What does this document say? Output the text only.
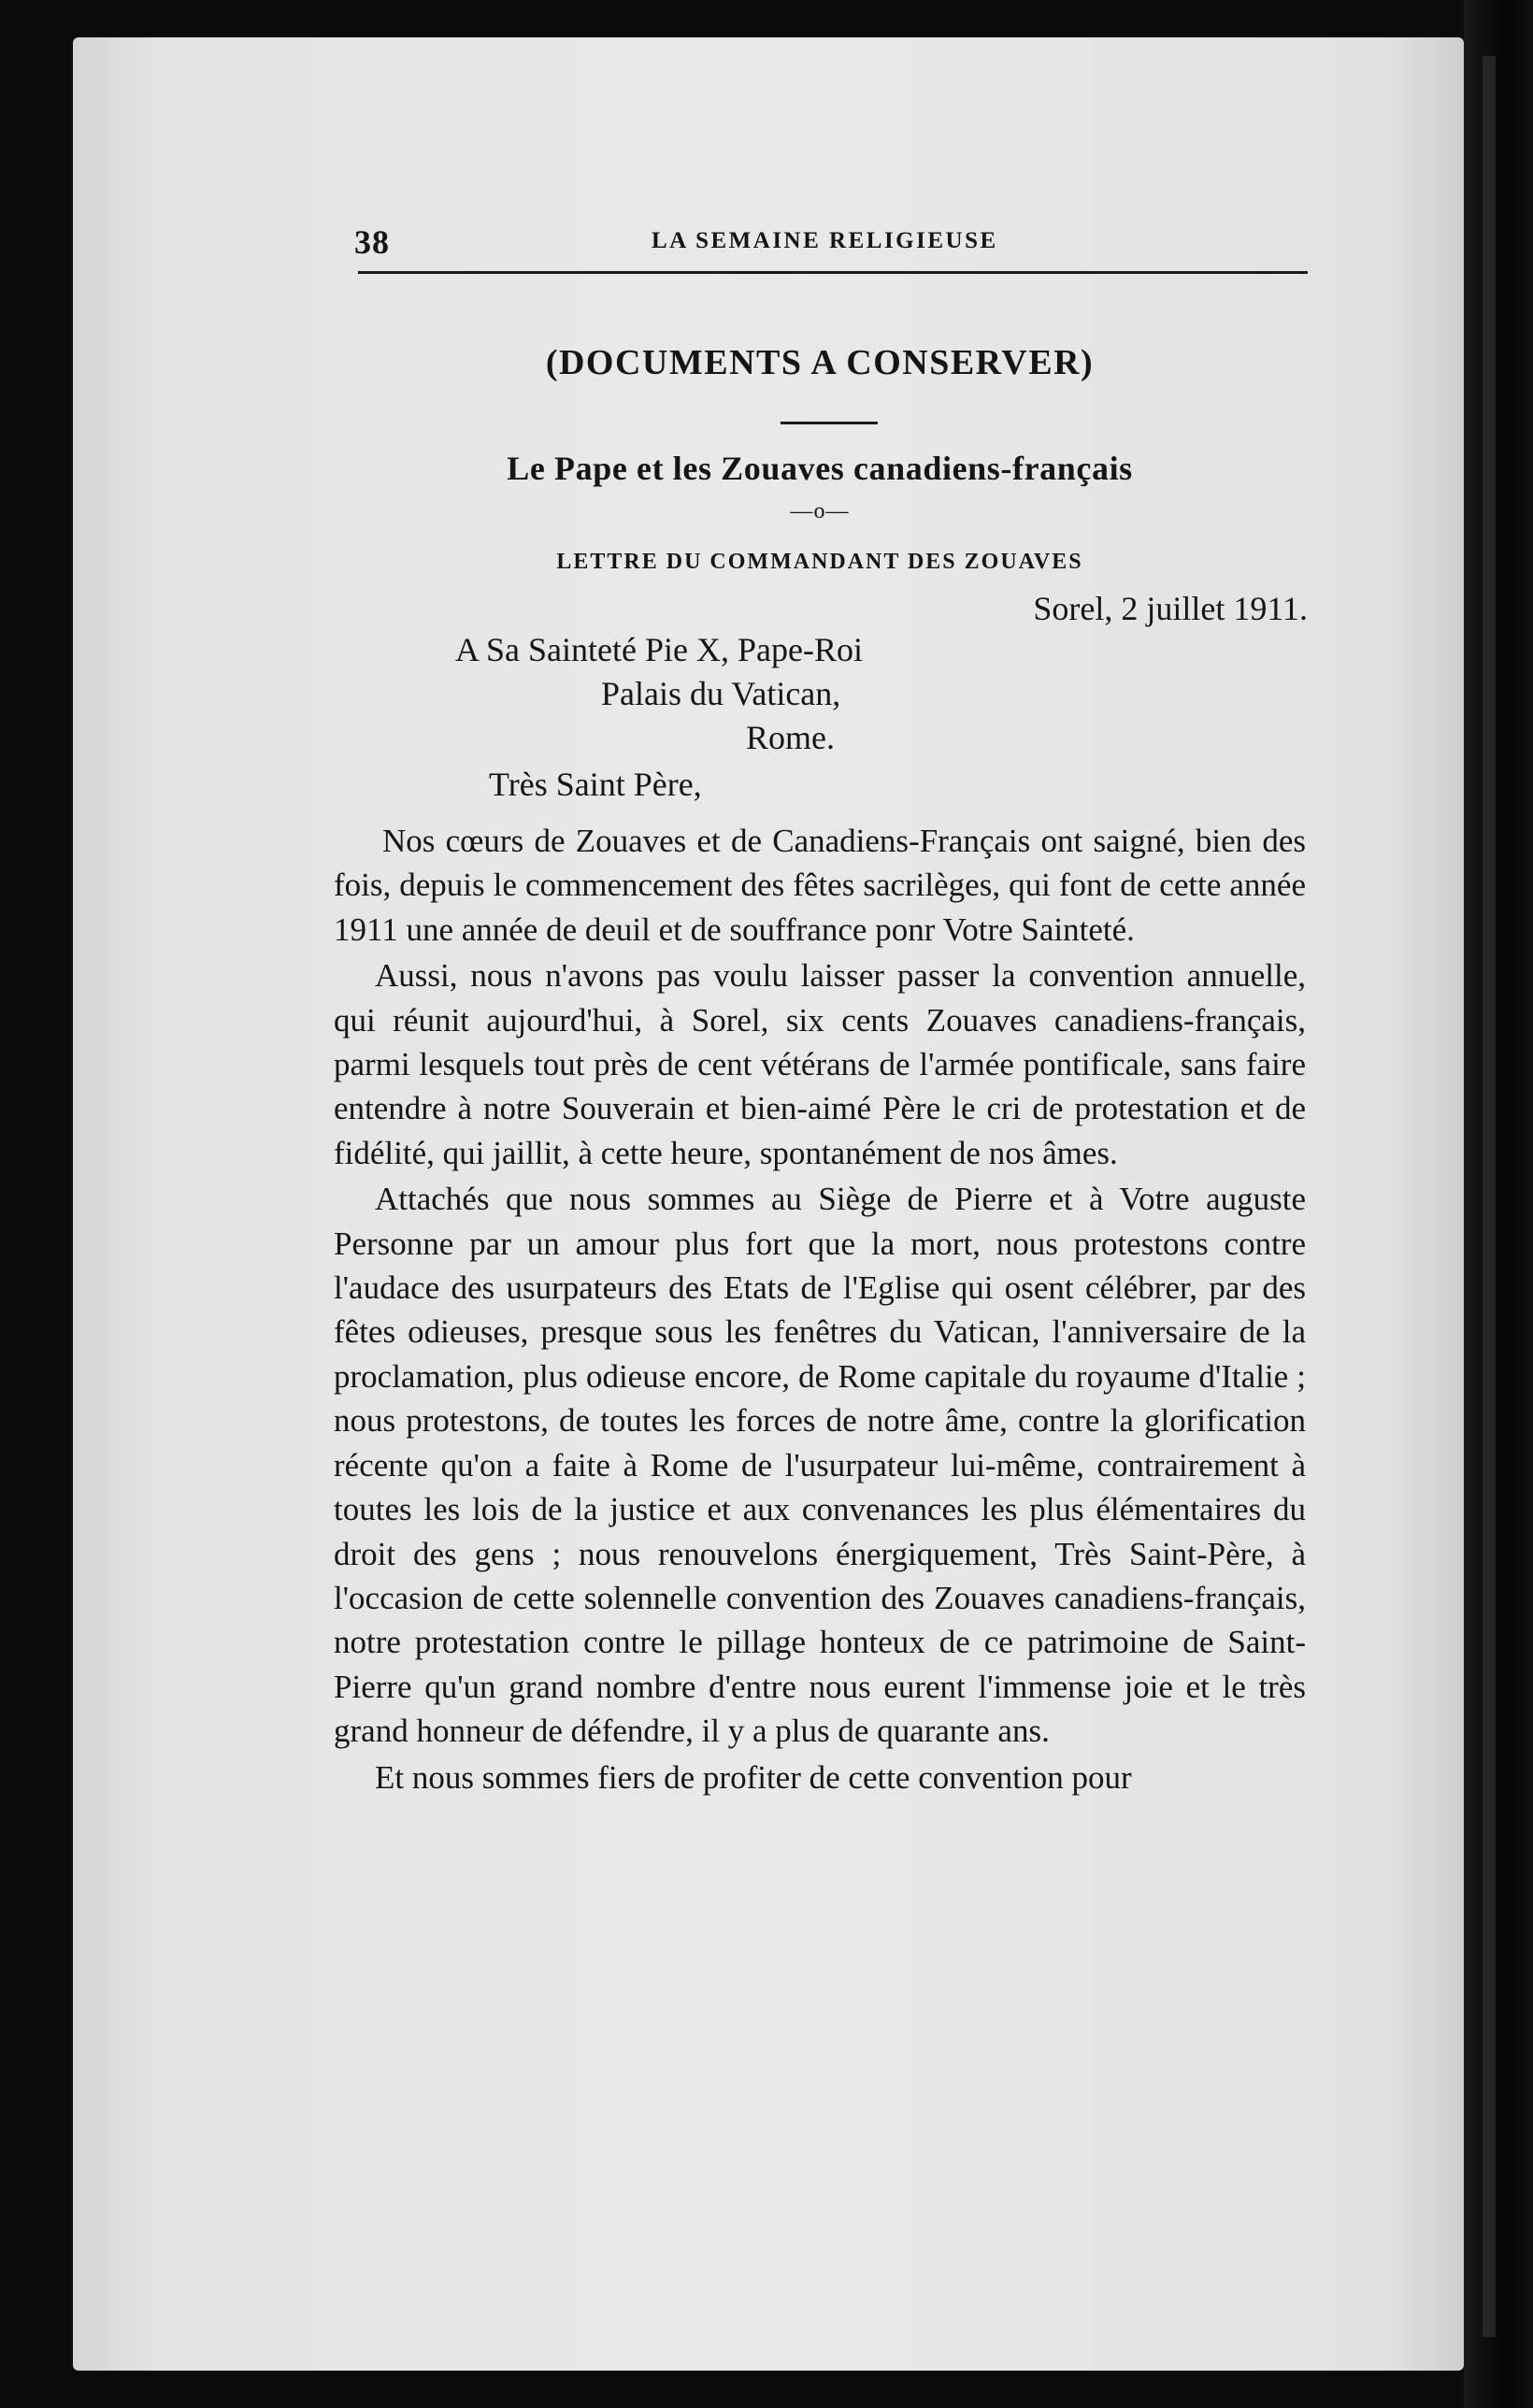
38	LA SEMAINE RELIGIEUSE
(DOCUMENTS A CONSERVER)
Le Pape et les Zouaves canadiens-français
—o—
LETTRE DU COMMANDANT DES ZOUAVES
Sorel, 2 juillet 1911.
A Sa Sainteté Pie X, Pape-Roi
Palais du Vatican,
Rome.
Très Saint Père,

Nos cœurs de Zouaves et de Canadiens-Français ont saigné, bien des fois, depuis le commencement des fêtes sacrilèges, qui font de cette année 1911 une année de deuil et de souffrance ponr Votre Sainteté.

Aussi, nous n'avons pas voulu laisser passer la convention annuelle, qui réunit aujourd'hui, à Sorel, six cents Zouaves canadiens-français, parmi lesquels tout près de cent vétérans de l'armée pontificale, sans faire entendre à notre Souverain et bien-aimé Père le cri de protestation et de fidélité, qui jaillit, à cette heure, spontanément de nos âmes.

Attachés que nous sommes au Siège de Pierre et à Votre auguste Personne par un amour plus fort que la mort, nous protestons contre l'audace des usurpateurs des Etats de l'Eglise qui osent célébrer, par des fêtes odieuses, presque sous les fenêtres du Vatican, l'anniversaire de la proclamation, plus odieuse encore, de Rome capitale du royaume d'Italie ; nous protestons, de toutes les forces de notre âme, contre la glorification récente qu'on a faite à Rome de l'usurpateur lui-même, contrairement à toutes les lois de la justice et aux convenances les plus élémentaires du droit des gens ; nous renouvelons énergiquement, Très Saint-Père, à l'occasion de cette solennelle convention des Zouaves canadiens-français, notre protestation contre le pillage honteux de ce patrimoine de Saint-Pierre qu'un grand nombre d'entre nous eurent l'immense joie et le très grand honneur de défendre, il y a plus de quarante ans.

Et nous sommes fiers de profiter de cette convention pour
